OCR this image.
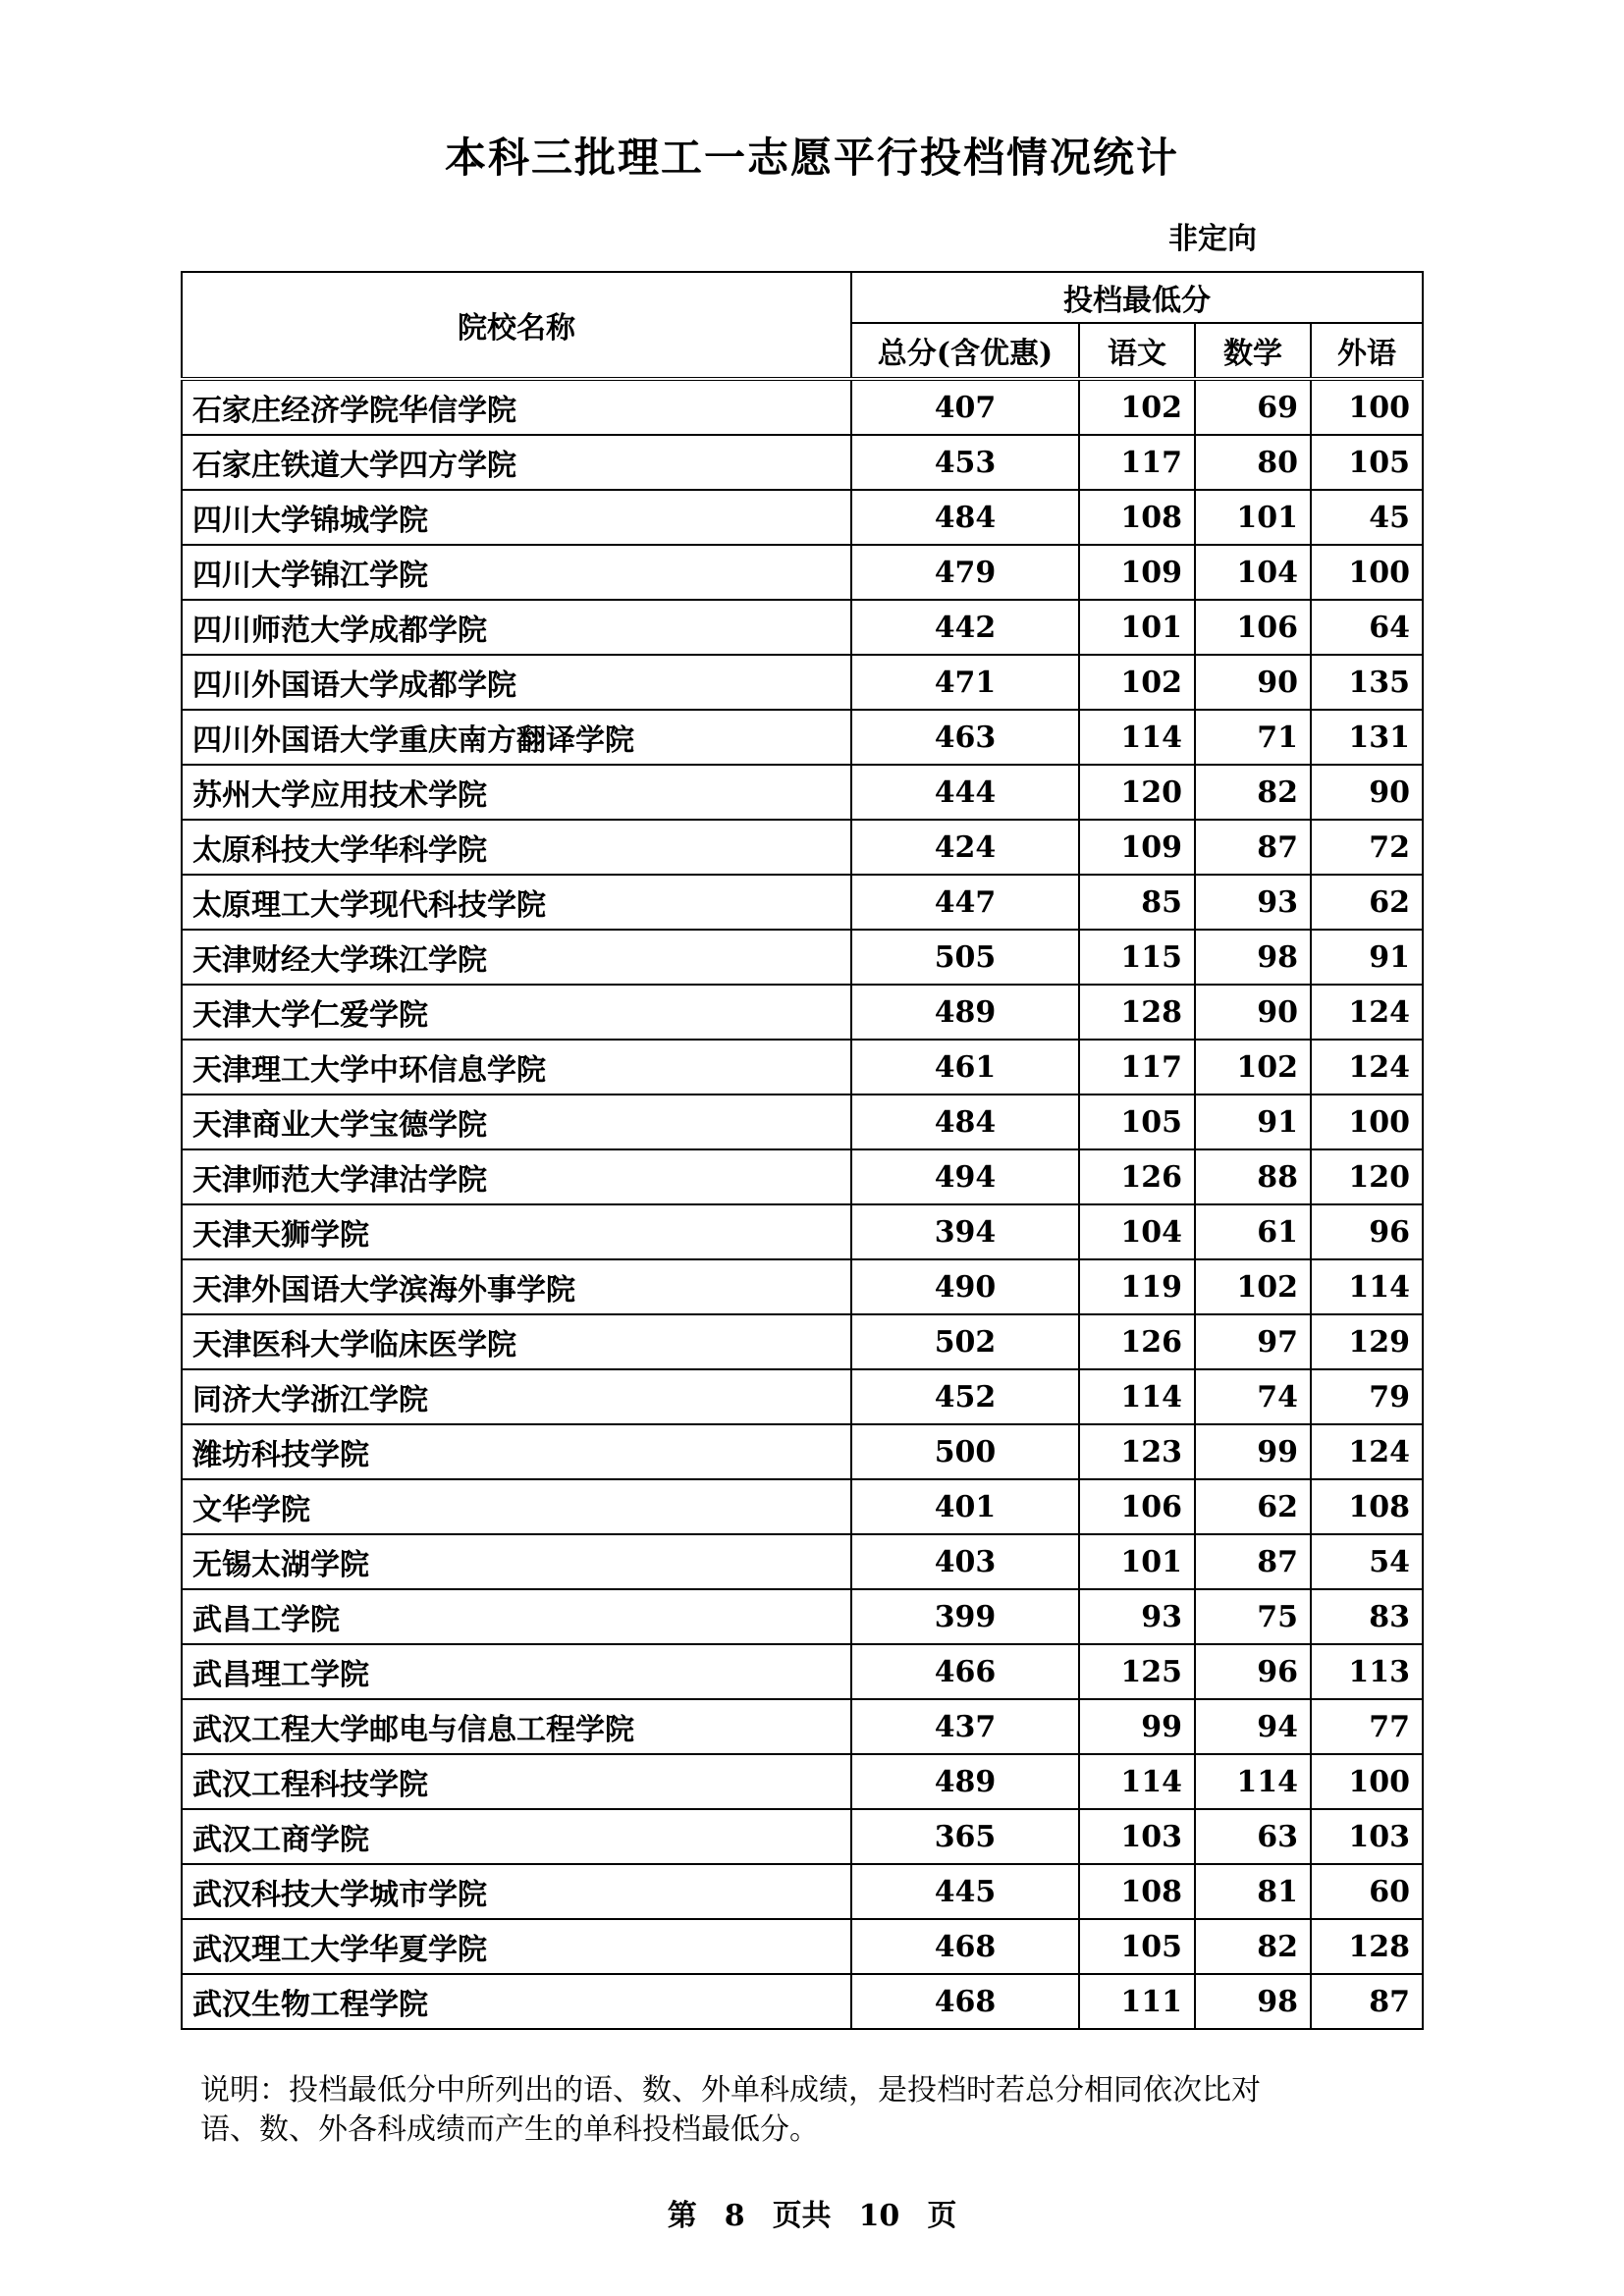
本科三批理工一志愿平行投档情况统计
非定向
院校名称	投档最低分			
	总分(含优惠)	语文	数学	外语
石家庄经济学院华信学院	407	102	69	100
石家庄铁道大学四方学院	453	117	80	105
四川大学锦城学院	484	108	101	45
四川大学锦江学院	479	109	104	100
四川师范大学成都学院	442	101	106	64
四川外国语大学成都学院	471	102	90	135
四川外国语大学重庆南方翻译学院	463	114	71	131
苏州大学应用技术学院	444	120	82	90
太原科技大学华科学院	424	109	87	72
太原理工大学现代科技学院	447	85	93	62
天津财经大学珠江学院	505	115	98	91
天津大学仁爱学院	489	128	90	124
天津理工大学中环信息学院	461	117	102	124
天津商业大学宝德学院	484	105	91	100
天津师范大学津沽学院	494	126	88	120
天津天狮学院	394	104	61	96
天津外国语大学滨海外事学院	490	119	102	114
天津医科大学临床医学院	502	126	97	129
同济大学浙江学院	452	114	74	79
潍坊科技学院	500	123	99	124
文华学院	401	106	62	108
无锡太湖学院	403	101	87	54
武昌工学院	399	93	75	83
武昌理工学院	466	125	96	113
武汉工程大学邮电与信息工程学院	437	99	94	77
武汉工程科技学院	489	114	114	100
武汉工商学院	365	103	63	103
武汉科技大学城市学院	445	108	81	60
武汉理工大学华夏学院	468	105	82	128
武汉生物工程学院	468	111	98	87
说明：投档最低分中所列出的语、数、外单科成绩，是投档时若总分相同依次比对
语、数、外各科成绩而产生的单科投档最低分。
第 8 页共 10 页
